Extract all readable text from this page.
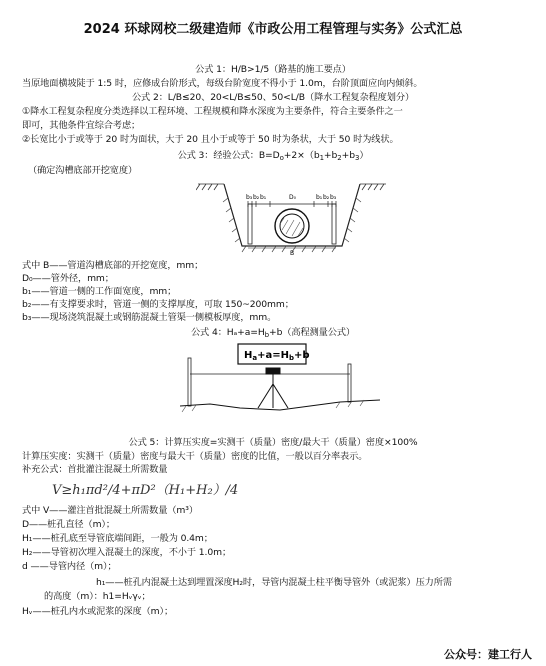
2024 环球网校二级建造师《市政公用工程管理与实务》公式汇总
公式 1：H/B>1/5（路基的施工要点）
当原地面横坡陡于 1:5 时，应修成台阶形式，每级台阶宽度不得小于 1.0m，台阶顶面应向内倾斜。
公式 2：L/B≤20、20<L/B≤50、50<L/B（降水工程复杂程度划分）
①降水工程复杂程度分类选择以工程环境、工程规模和降水深度为主要条件，符合主要条件之一
即可，其他条件宜综合考虑；
②长宽比小于或等于 20 时为面状，大于 20 且小于或等于 50 时为条状，大于 50 时为线状。
公式 3：经验公式：$B=D_o+2\times(b_1+b_2+b_3)$
（确定沟槽底部开挖宽度）
b₃ b₂ b₁	D₀	b₁ b₂ b₃
B
式中 B——管道沟槽底部的开挖宽度，mm；
D₀——管外径，mm；
b₁——管道一侧的工作面宽度，mm；
b₂——有支撑要求时，管道一侧的支撑厚度，可取 150~200mm；
b₃——现场浇筑混凝土或钢筋混凝土管渠一侧模板厚度，mm。
公式 4：$H_a+a=H_b+b$（高程测量公式）
$H_a+a=H_b+b$
公式 5：计算压实度=实测干（质量）密度/最大干（质量）密度×100%
计算压实度：实测干（质量）密度与最大干（质量）密度的比值，一般以百分率表示。
补充公式：首批灌注混凝土所需数量
V≥h₁πd²/4+πD²（H₁+H₂）/4
式中 V——灌注首批混凝土所需数量（m³）
D——桩孔直径（m）；
H₁——桩孔底至导管底端间距，一般为 0.4m；
H₂——导管初次埋入混凝土的深度，不小于 1.0m；
d ——导管内径（m）；
h₁——桩孔内混凝土达到埋置深度H₂时，导管内混凝土柱平衡导管外（或泥浆）压力所需
的高度（m）：h1=Hᵥγᵥ；
Hᵥ——桩孔内水或泥浆的深度（m）；
公众号：建工行人
